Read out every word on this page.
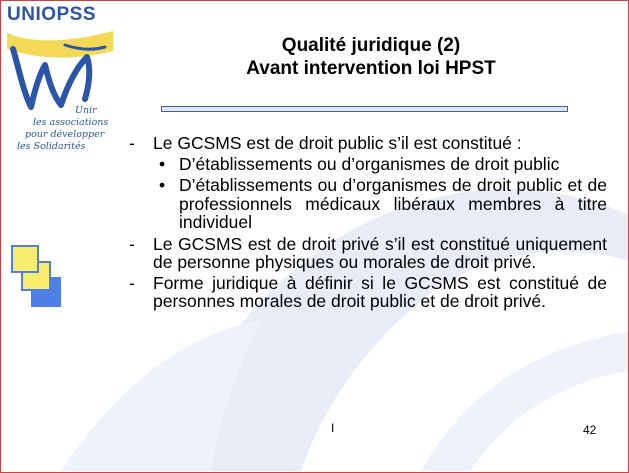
UNIOPSS
Unir
les associations
pour développer
les Solidarités
Qualité juridique (2)
Avant intervention loi HPST
- Le GCSMS est de droit public s’il est constitué :
• D’établissements ou d’organismes de droit public
• D’établissements ou d’organismes de droit public et de professionnels médicaux libéraux membres à titre individuel
- Le GCSMS est de droit privé s’il est constitué uniquement de personne physiques ou morales de droit privé.
- Forme juridique à définir si le GCSMS est constitué de personnes morales de droit public et de droit privé.
I	42
